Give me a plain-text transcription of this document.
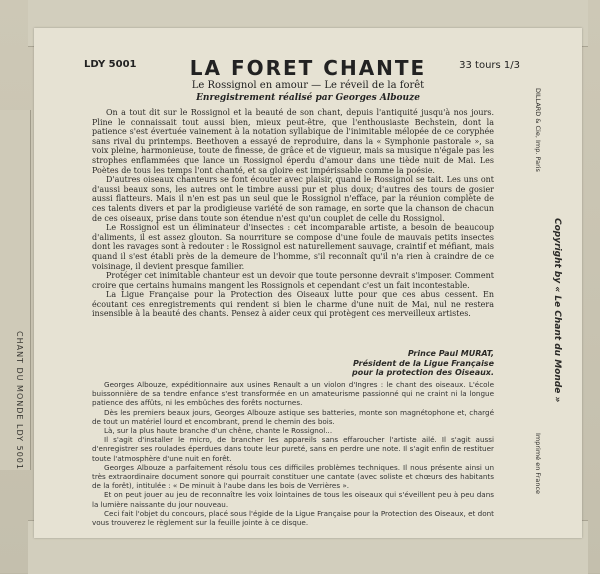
CHANT DU MONDE LDY 5001
LDY 5001	LA FORET CHANTE	33 tours 1/3
Le Rossignol en amour — Le réveil de la forêt
Enregistrement réalisé par Georges Albouze

On a tout dit sur le Rossignol et la beauté de son chant, depuis l'antiquité jusqu'à nos jours. Pline le connaissait tout aussi bien, mieux peut-être, que l'enthousiaste Bechstein, dont la patience s'est évertuée vainement à la notation syllabique de l'inimitable mélopée de ce coryphée sans rival du printemps. Beethoven a essayé de reproduire, dans la « Symphonie pastorale », sa voix pleine, harmonieuse, toute de finesse, de grâce et de vigueur, mais sa musique n'égale pas les strophes enflammées que lance un Rossignol éperdu d'amour dans une tiède nuit de Mai. Les Poètes de tous les temps l'ont chanté, et sa gloire est impérissable comme la poésie.

D'autres oiseaux chanteurs se font écouter avec plaisir, quand le Rossignol se tait. Les uns ont d'aussi beaux sons, les autres ont le timbre aussi pur et plus doux; d'autres des tours de gosier aussi flatteurs. Mais il n'en est pas un seul que le Rossignol n'efface, par la réunion complète de ces talents divers et par la prodigieuse variété de son ramage, en sorte que la chanson de chacun de ces oiseaux, prise dans toute son étendue n'est qu'un couplet de celle du Rossignol.

Le Rossignol est un éliminateur d'insectes : cet incomparable artiste, a besoin de beaucoup d'aliments, il est assez glouton. Sa nourriture se compose d'une foule de mauvais petits insectes dont les ravages sont à redouter : le Rossignol est naturellement sauvage, craintif et méfiant, mais quand il s'est établi près de la demeure de l'homme, s'il reconnaît qu'il n'a rien à craindre de ce voisinage, il devient presque familier.

Protéger cet inimitable chanteur est un devoir que toute personne devrait s'imposer. Comment croire que certains humains mangent les Rossignols et cependant c'est un fait incontestable.

La Ligue Française pour la Protection des Oiseaux lutte pour que ces abus cessent. En écoutant ces enregistrements qui rendent si bien le charme d'une nuit de Mai, nul ne restera insensible à la beauté des chants. Pensez à aider ceux qui protègent ces merveilleux artistes.

Prince Paul MURAT,
Président de la Ligue Française
pour la protection des Oiseaux.

Georges Albouze, expéditionnaire aux usines Renault a un violon d'Ingres : le chant des oiseaux. L'école buissonnière de sa tendre enfance s'est transformée en un amateurisme passionné qui ne craint ni la longue patience des affûts, ni les embûches des forêts nocturnes.

Dès les premiers beaux jours, Georges Albouze astique ses batteries, monte son magnétophone et, chargé de tout un matériel lourd et encombrant, prend le chemin des bois.

Là, sur la plus haute branche d'un chêne, chante le Rossignol...

Il s'agit d'installer le micro, de brancher les appareils sans effaroucher l'artiste ailé. Il s'agit aussi d'enregistrer ses roulades éperdues dans toute leur pureté, sans en perdre une note. Il s'agit enfin de restituer toute l'atmosphère d'une nuit en forêt.

Georges Albouze a parfaitement résolu tous ces difficiles problèmes techniques. Il nous présente ainsi un très extraordinaire document sonore qui pourrait constituer une cantate (avec soliste et chœurs des habitants de la forêt), intitulée : « De minuit à l'aube dans les bois de Verrières ».

Et on peut jouer au jeu de reconnaître les voix lointaines de tous les oiseaux qui s'éveillent peu à peu dans la lumière naissante du jour nouveau.

Ceci fait l'objet du concours, placé sous l'égide de la Ligue Française pour la Protection des Oiseaux, et dont vous trouverez le règlement sur la feuille jointe à ce disque.

DILLARD & Cie, Imp. Paris
Copyright by « Le Chant du Monde »
Imprimé en France
